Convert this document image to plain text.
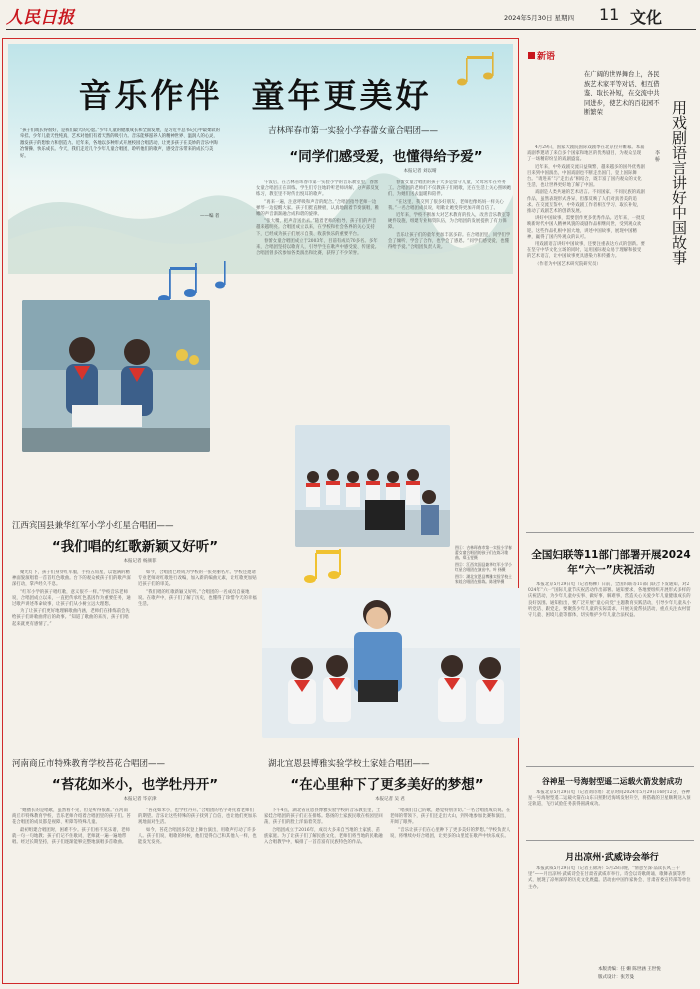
人民日报	2024年5月30日 星期四 11 文化
音乐作伴  童年更美好
“孩子们或长得很好，是我们最大的心愿。”少年儿童的健康成长和全面发展，是习近平总书记心中最柔软的牵挂。少年儿童天性纯真，艺术对他们有着天然的吸引力。音乐能够滋养人的精神世界、温润人的心灵，激发孩子的想象力和创造力。近年来，各地以多种形式开展校园合唱活动，让更多孩子在美妙的音乐中陶冶情操、快乐成长。今天，我们走近几个少年儿童合唱团，聆听他们的歌声，感受音乐带来的成长与美好。
——编 者
图①：吉林珲春市第一实验小学春蕾女童合唱团的孩子们在练习歌曲。郑玉雯摄
图②：江西宾国县兼华红军小学小红星合唱团在演出中。叶 扬摄
图③：湖北宣恩县博雅实验学校土家娃合唱团在排练。陈建华摄
吉林珲春市第一实验小学春蕾女童合唱团——
“同学们感受爱，也懂得给予爱”
本报记者 刘以晴

午饭后，在吉林省珲春市第一实验小学的音乐教室里，春蕾女童合唱团正在训练。学生们专注地聆听老师讲解，分声部反复练习，教室里不时传出悦耳的歌声。

“再来一遍，注意呼吸和声音的配合。”合唱团指导老师一边弹琴一边提醒大家。孩子们挺直腰板，认真地跟着节奏演唱，稚嫩的声音渐渐融合成和谐的旋律。

“张大嘴，把声音送出去。”随着老师的指导，孩子们的声音越来越明亮。合唱团成立以来，在学校和社会各界的关心支持下，已经成为孩子们展示自我、收获快乐的重要平台。

春蕾女童合唱团成立于2003年，目前有成员70多名。多年来，合唱团坚持以歌育人，引导学生在歌声中感受爱、传递爱。合唱团曾多次参加各类演出和比赛，获得了不少荣誉。

春蕾女童合唱团的孩子大多是留守儿童，父母常年在外务工。合唱团的老师们不仅教孩子们唱歌，还在生活上关心照顾她们，为她们送去温暖和陪伴。

“在这里，我交到了很多好朋友，老师也像妈妈一样关心我。”一名合唱团成员说，唱歌让她变得更加开朗自信了。

近年来，学校不断加大对艺术教育的投入，改善音乐教室等硬件设施，组建专业师资队伍，为合唱团的发展提供了有力保障。

音乐让孩子们的童年更加丰富多彩。在合唱团里，同学们学会了倾听、学会了合作，也学会了感恩。“同学们感受爱，也懂得给予爱。”合唱团负责人说。

江西宾国县兼华红军小学小红星合唱团——
“我们唱的红歌新颖又好听”
本报记者 杨颜菲

聚光灯下，孩子们身穿红军服，手持五角星，以饱满的精神面貌演唱着一首首红色歌曲。台下的观众被孩子们的歌声深深打动，掌声经久不息。

“红军小学的孩子唱红歌，意义很不一样。”学校音乐老师说，合唱团成立以来，一直把传承红色基因作为重要任务，通过歌声讲述革命故事，让孩子们从小树立远大理想。

为了让孩子们更好地理解歌曲内涵，老师们在排练前会先给孩子们讲歌曲背后的故事。“知道了歌曲的来历，孩子们唱起来就更有感情了。”

如今，合唱团已经成为学校的一张亮丽名片。学校还邀请专业老师对红歌进行改编，加入新的编曲元素，让红歌更加贴近孩子们的审美。

“我们唱的红歌新颖又好听。”合唱团的一名成员自豪地说。在歌声中，孩子们了解了历史，也懂得了珍惜今天的幸福生活。

河南商丘市特殊教育学校苔花合唱团——
“苔花如米小，也学牡丹开”
本报记者 毕京津

“她擅长的是唱歌，虽然看不见，但是听得很准。”在河南商丘市特殊教育学校，音乐老师介绍着合唱团里的孩子们。苔花合唱团的成员都是视障、听障等特殊儿童。

最初组建合唱团时，困难不少。孩子们看不见乐谱，老师就一句一句地教；孩子们记不住歌词，老师就一遍一遍地带唱。经过长期坚持，孩子们逐渐能够完整地演唱多首歌曲。

“苔花如米小，也学牡丹开。”合唱团的名字寄托着老师们的期望。音乐让这些特殊的孩子找到了自信，也让他们更加乐观地面对生活。

如今，苔花合唱团多次登上舞台演出，用歌声打动了许多人。孩子们说，唱歌的时候，他们觉得自己和其他人一样，也能发光发亮。

湖北宜恩县博雅实验学校土家娃合唱团——
“在心里种下了更多美好的梦想”
本报记者 吴 君

下午4点，湖北省宣恩县博雅实验学校的音乐教室里，土家娃合唱团的孩子们正在排练。悠扬的土家族民歌在校园里回荡，孩子们的脸上洋溢着笑容。

合唱团成立于2016年，成员大多来自当地的土家族、苗族家庭。为了让孩子们了解民族文化，老师们将当地的民歌融入合唱教学中，编排了一首首富有民族特色的作品。

“唱我们自己的歌，感觉特别亲切。”一名合唱团成员说。在老师的带领下，孩子们还走出大山，到外地参加比赛和演出，开阔了眼界。

“音乐让孩子们在心里种下了更多美好的梦想。”学校负责人说，将继续办好合唱团，让更多的山里娃在歌声中快乐成长。

新语
在广阔的世界舞台上，各民族艺术家平等对话、相互借鉴、取长补短，在交流中共同进步，使艺术的百花园不断繁荣	用戏剧语言讲好中国故事
李 桥

4月29日，国家大剧院国际戏剧季在北京拉开帷幕。本届戏剧季邀请了来自多个国家和地区的优秀剧目，为观众呈现了一场精彩纷呈的戏剧盛宴。

近年来，中外戏剧交流日益频繁，越来越多的国外优秀剧目来到中国演出，中国戏剧也不断走出国门，登上国际舞台。“请进来”与“走出去”相结合，既丰富了国内观众的文化生活，也让世界更好地了解了中国。

戏剧是人类共通的艺术语言。不同国家、不同民族的戏剧作品，虽然表现形式各异，但都反映了人们对真善美的追求。在交流互鉴中，中外戏剧工作者相互学习、取长补短，推动了戏剧艺术的创新发展。

讲好中国故事，需要创作更多优秀作品。近年来，一批反映新时代中国人精神风貌的戏剧作品相继问世，受到观众欢迎。这些作品扎根中国大地，讲述中国故事，展现中国精神，赢得了国内外观众的认可。

用戏剧语言讲好中国故事，还要注重表达方式的创新。要在坚守中华文化立场的同时，运用国际观众易于理解和接受的艺术语言，让中国故事更具感染力和传播力。

（作者为中国艺术研究院研究员）

全国妇联等11部门部署开展2024年“六一”庆祝活动
本报北京5月29日电（记者杨柳）日前，全国妇联等11部门联合下发通知，对2024年“六一”国际儿童节庆祝活动作出部署。通知要求，各地要组织开展形式多样的庆祝活动，为少年儿童办实事、做好事、解难事，营造关心关爱少年儿童健康成长的良好氛围。通知指出，要广泛开展“童心向党”主题教育实践活动，引导少年儿童从小听党话、跟党走。要聚焦少年儿童的实际需求，开展关爱帮扶活动，重点关注农村留守儿童、困境儿童等群体，切实维护少年儿童合法权益。
谷神星一号海射型遥二运载火箭发射成功
本报北京5月29日电（记者刘诗瑶）北京时间2024年5月29日16时12分，谷神星一号海射型遥二运载火箭在山东日照附近海域发射升空，将搭载的卫星顺利送入预定轨道，飞行试验任务获得圆满成功。
月出凉州·武威诗会举行
本报武威5月29日电（记者王锦涛）5月28日晚，“情意至深·品读长风三千里”——月出凉州·武威诗会在甘肃省武威市举行。诗会以诗歌朗诵、歌舞表演等形式，展现了凉州深厚的历史文化底蕴。活动由中国作家协会、甘肃省委宣传部等单位主办。
本版责编：任 姗 陈世涵 王世悦
版式设计：张芳曼
